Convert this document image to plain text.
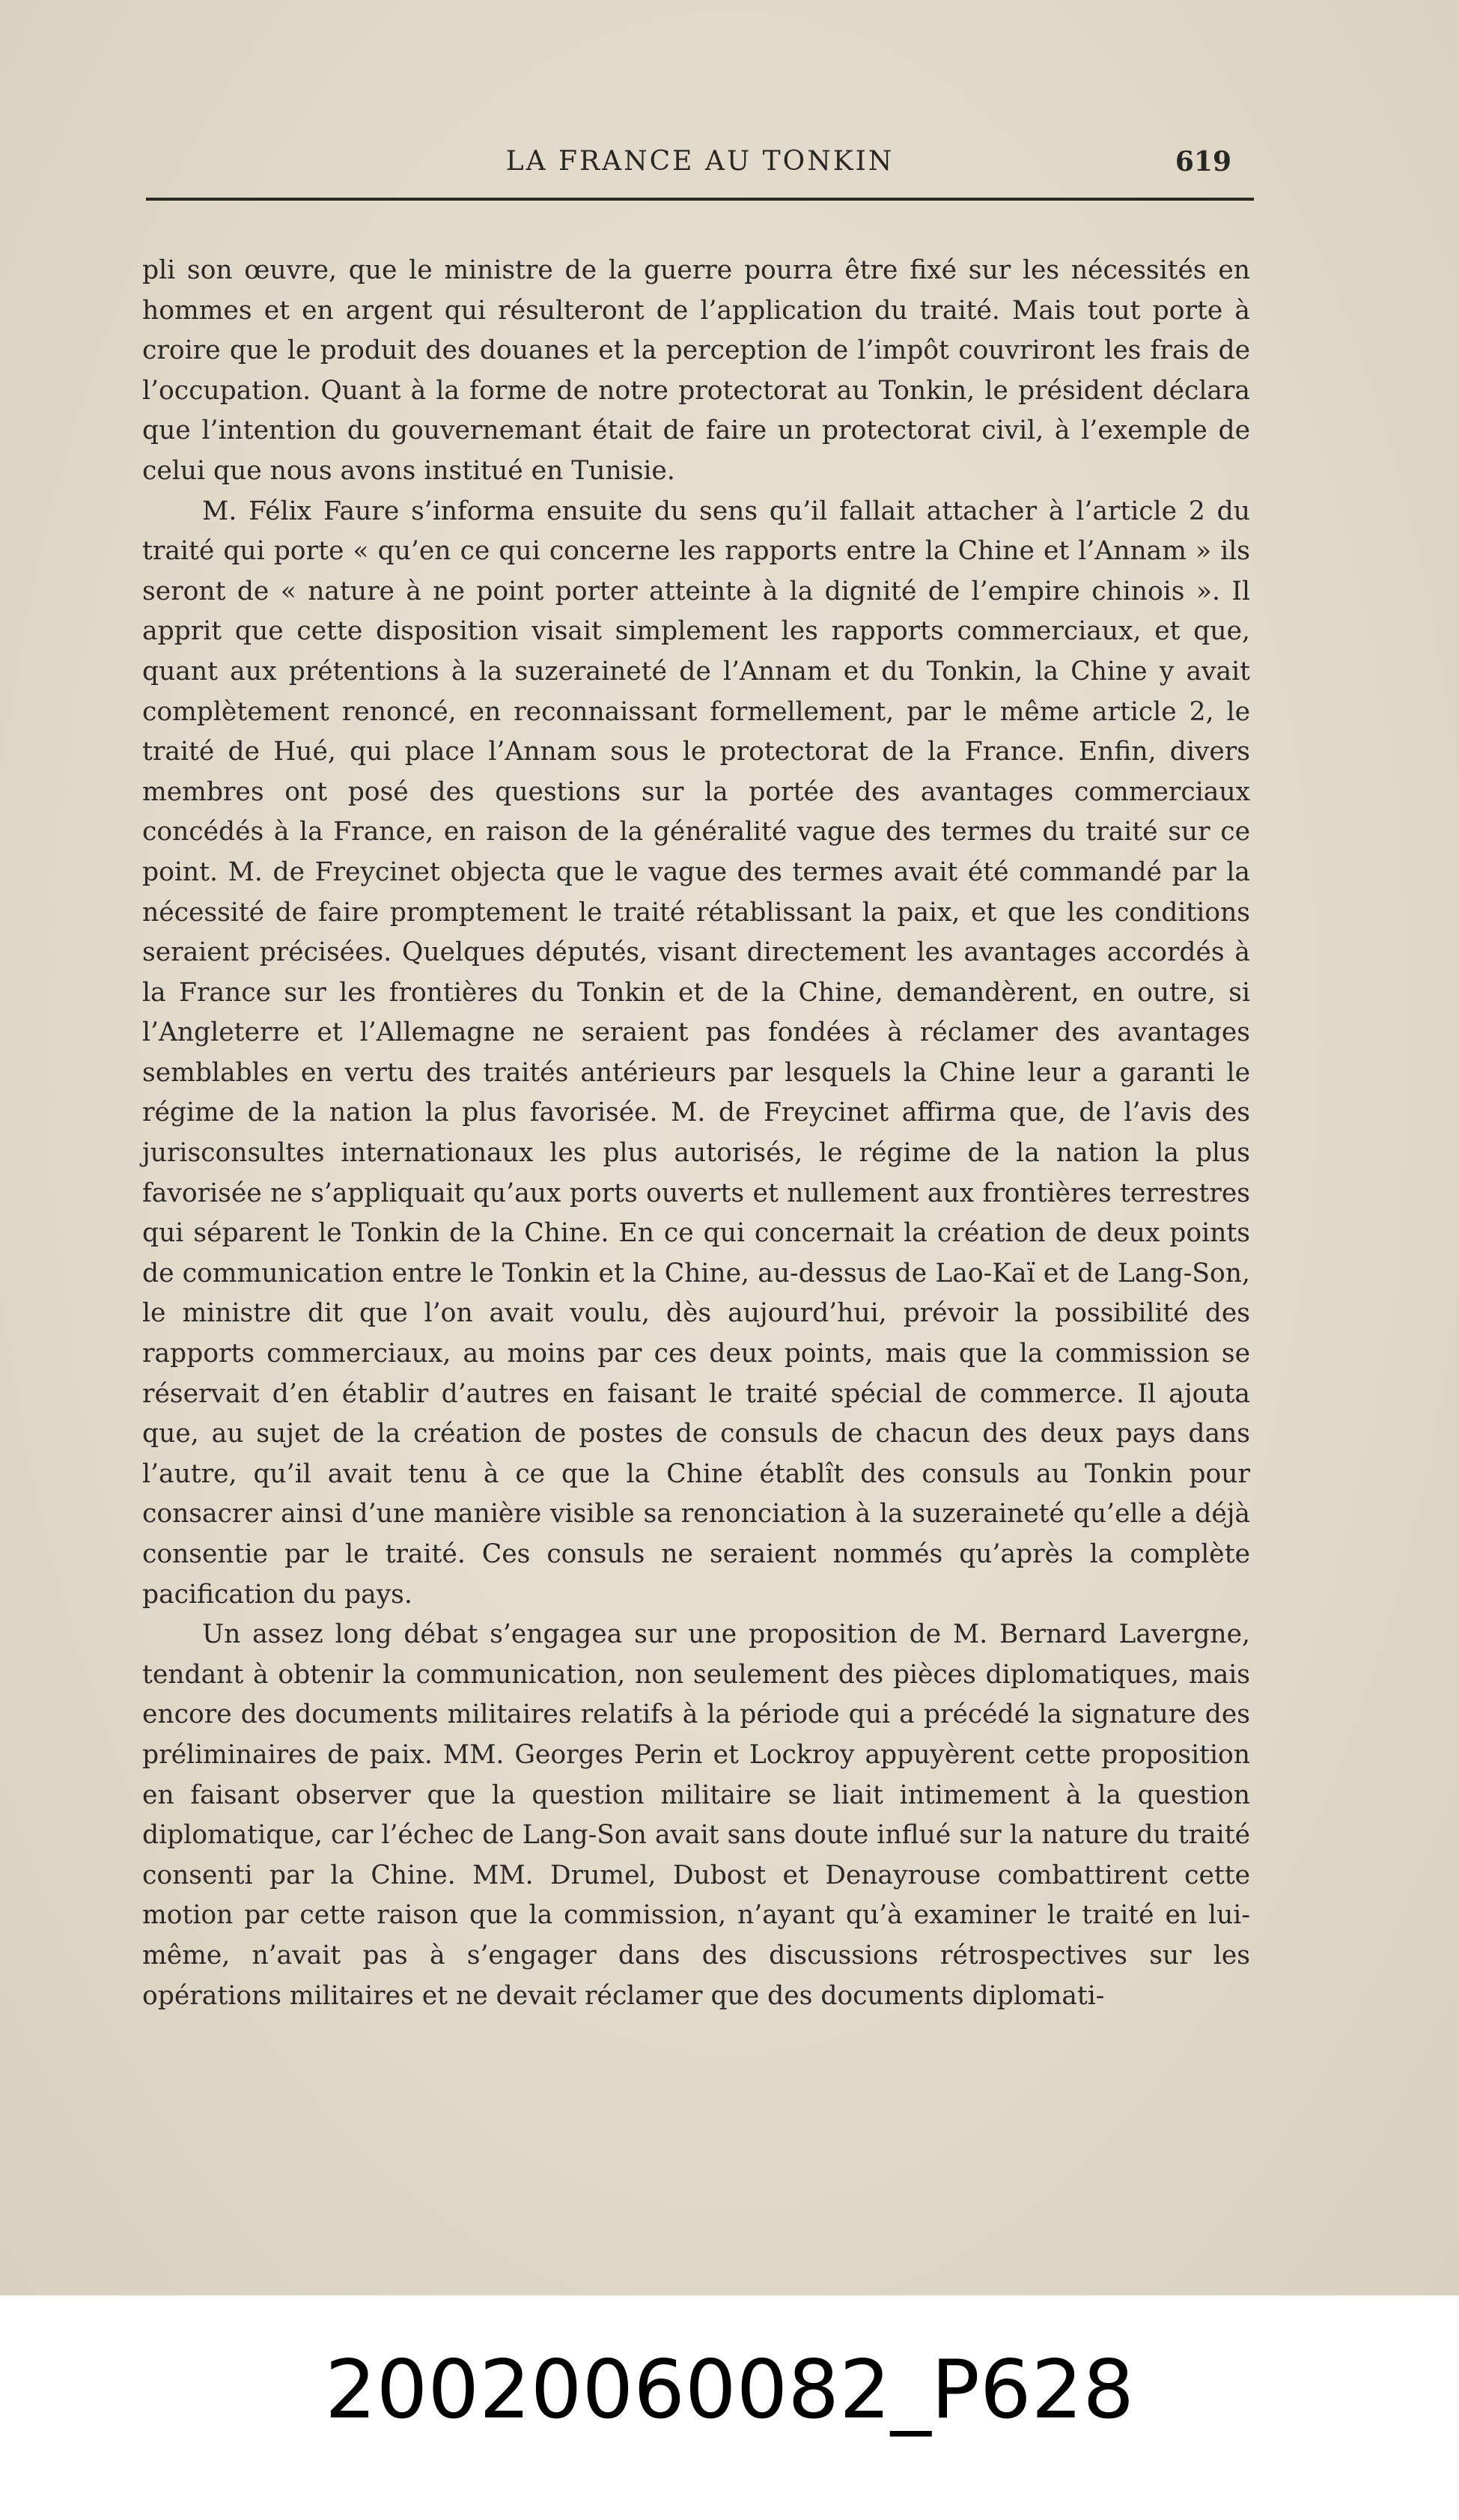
LA FRANCE AU TONKIN	619

pli son œuvre, que le ministre de la guerre pourra être fixé sur les nécessités en hommes et en argent qui résulteront de l’application du traité. Mais tout porte à croire que le produit des douanes et la perception de l’impôt couvriront les frais de l’occupation. Quant à la forme de notre protectorat au Tonkin, le président déclara que l’intention du gouvernemant était de faire un protectorat civil, à l’exemple de celui que nous avons institué en Tunisie.

M. Félix Faure s’informa ensuite du sens qu’il fallait attacher à l’article 2 du traité qui porte « qu’en ce qui concerne les rapports entre la Chine et l’Annam » ils seront de « nature à ne point porter atteinte à la dignité de l’empire chinois ». Il apprit que cette disposition visait simplement les rapports commerciaux, et que, quant aux prétentions à la suzeraineté de l’Annam et du Tonkin, la Chine y avait complètement renoncé, en reconnaissant formellement, par le même article 2, le traité de Hué, qui place l’Annam sous le protectorat de la France. Enfin, divers membres ont posé des questions sur la portée des avantages commerciaux concédés à la France, en raison de la généralité vague des termes du traité sur ce point. M. de Freycinet objecta que le vague des termes avait été commandé par la nécessité de faire promptement le traité rétablissant la paix, et que les conditions seraient précisées. Quelques députés, visant directement les avantages accordés à la France sur les frontières du Tonkin et de la Chine, demandèrent, en outre, si l’Angleterre et l’Allemagne ne seraient pas fondées à réclamer des avantages semblables en vertu des traités antérieurs par lesquels la Chine leur a garanti le régime de la nation la plus favorisée. M. de Freycinet affirma que, de l’avis des jurisconsultes internationaux les plus autorisés, le régime de la nation la plus favorisée ne s’appliquait qu’aux ports ouverts et nullement aux frontières terrestres qui séparent le Tonkin de la Chine. En ce qui concernait la création de deux points de communication entre le Tonkin et la Chine, au-dessus de Lao-Kaï et de Lang-Son, le ministre dit que l’on avait voulu, dès aujourd’hui, prévoir la possibilité des rapports commerciaux, au moins par ces deux points, mais que la commission se réservait d’en établir d’autres en faisant le traité spécial de commerce. Il ajouta que, au sujet de la création de postes de consuls de chacun des deux pays dans l’autre, qu’il avait tenu à ce que la Chine établît des consuls au Tonkin pour consacrer ainsi d’une manière visible sa renonciation à la suzeraineté qu’elle a déjà consentie par le traité. Ces consuls ne seraient nommés qu’après la complète pacification du pays.

Un assez long débat s’engagea sur une proposition de M. Bernard Lavergne, tendant à obtenir la communication, non seulement des pièces diplomatiques, mais encore des documents militaires relatifs à la période qui a précédé la signature des préliminaires de paix. MM. Georges Perin et Lockroy appuyèrent cette proposition en faisant observer que la question militaire se liait intimement à la question diplomatique, car l’échec de Lang-Son avait sans doute influé sur la nature du traité consenti par la Chine. MM. Drumel, Dubost et Denayrouse combattirent cette motion par cette raison que la commission, n’ayant qu’à examiner le traité en lui-même, n’avait pas à s’engager dans des discussions rétrospectives sur les opérations militaires et ne devait réclamer que des documents diplomati-

20020060082_P628
